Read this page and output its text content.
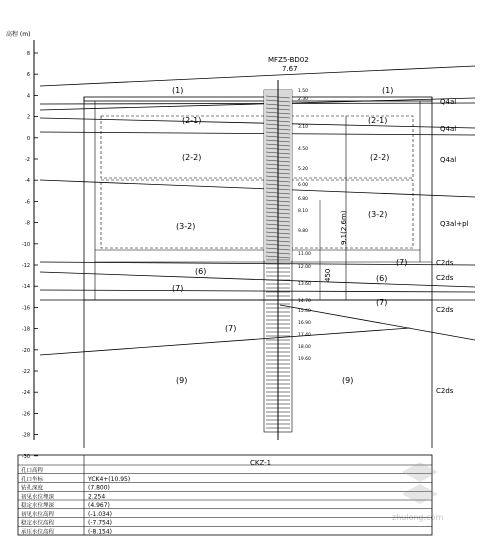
高程 (m)
8
6
4
2
0
-2
-4
-6
-8
-10
-12
-14
-16
-18
-20
-22
-24
-26
-28
-30
MFZ5-BD02
7.67
9.1(2.6m)
450
1.50
2.30
3.10
4.50
5.20
6.00
6.80
8.10
9.80
11.00
12.00
13.60
14.70
15.40
16.90
17.40
18.00
19.60
(1)	(1)
(2-1)	(2-1)
(2-2)	(2-2)
(3-2)
(3-2)
(6)
(6)
(7)
(7)
(7)
(7)
(9)	(9)
Q4al
Q4al
Q4al
Q3al+pl
C2ds
C2ds
C2ds
C2ds
CKZ-1
孔口高程
孔口坐标	YCK4+(10.95)
钻孔深度	(7.800)
初见水位埋深	2.254
稳定水位埋深	(4.967)
初见水位高程	(-1.034)
稳定水位高程	(-7.754)
承压水位高程	(-8.154)
zhulong.com
